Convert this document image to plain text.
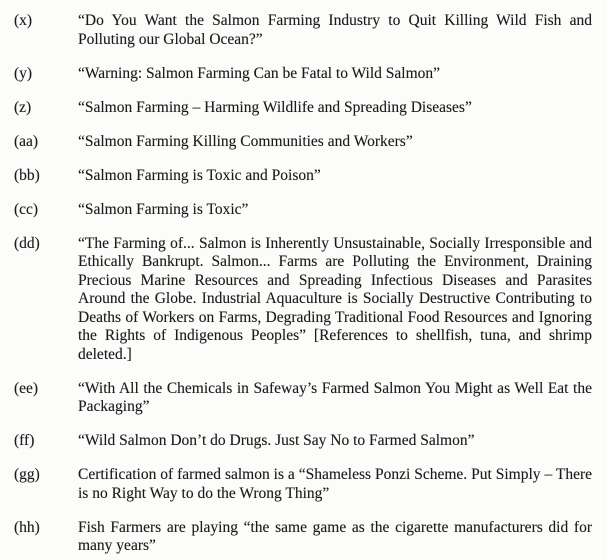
(x)	“Do You Want the Salmon Farming Industry to Quit Killing Wild Fish and Polluting our Global Ocean?”
(y)	“Warning: Salmon Farming Can be Fatal to Wild Salmon”
(z)	“Salmon Farming – Harming Wildlife and Spreading Diseases”
(aa)	“Salmon Farming Killing Communities and Workers”
(bb)	“Salmon Farming is Toxic and Poison”
(cc)	“Salmon Farming is Toxic”
(dd)	“The Farming of... Salmon is Inherently Unsustainable, Socially Irresponsible and Ethically Bankrupt. Salmon... Farms are Polluting the Environment, Draining Precious Marine Resources and Spreading Infectious Diseases and Parasites Around the Globe. Industrial Aquaculture is Socially Destructive Contributing to Deaths of Workers on Farms, Degrading Traditional Food Resources and Ignoring the Rights of Indigenous Peoples” [References to shellfish, tuna, and shrimp deleted.]
(ee)	“With All the Chemicals in Safeway’s Farmed Salmon You Might as Well Eat the Packaging”
(ff)	“Wild Salmon Don’t do Drugs. Just Say No to Farmed Salmon”
(gg)	Certification of farmed salmon is a “Shameless Ponzi Scheme. Put Simply – There is no Right Way to do the Wrong Thing”
(hh)	Fish Farmers are playing “the same game as the cigarette manufacturers did for many years”
